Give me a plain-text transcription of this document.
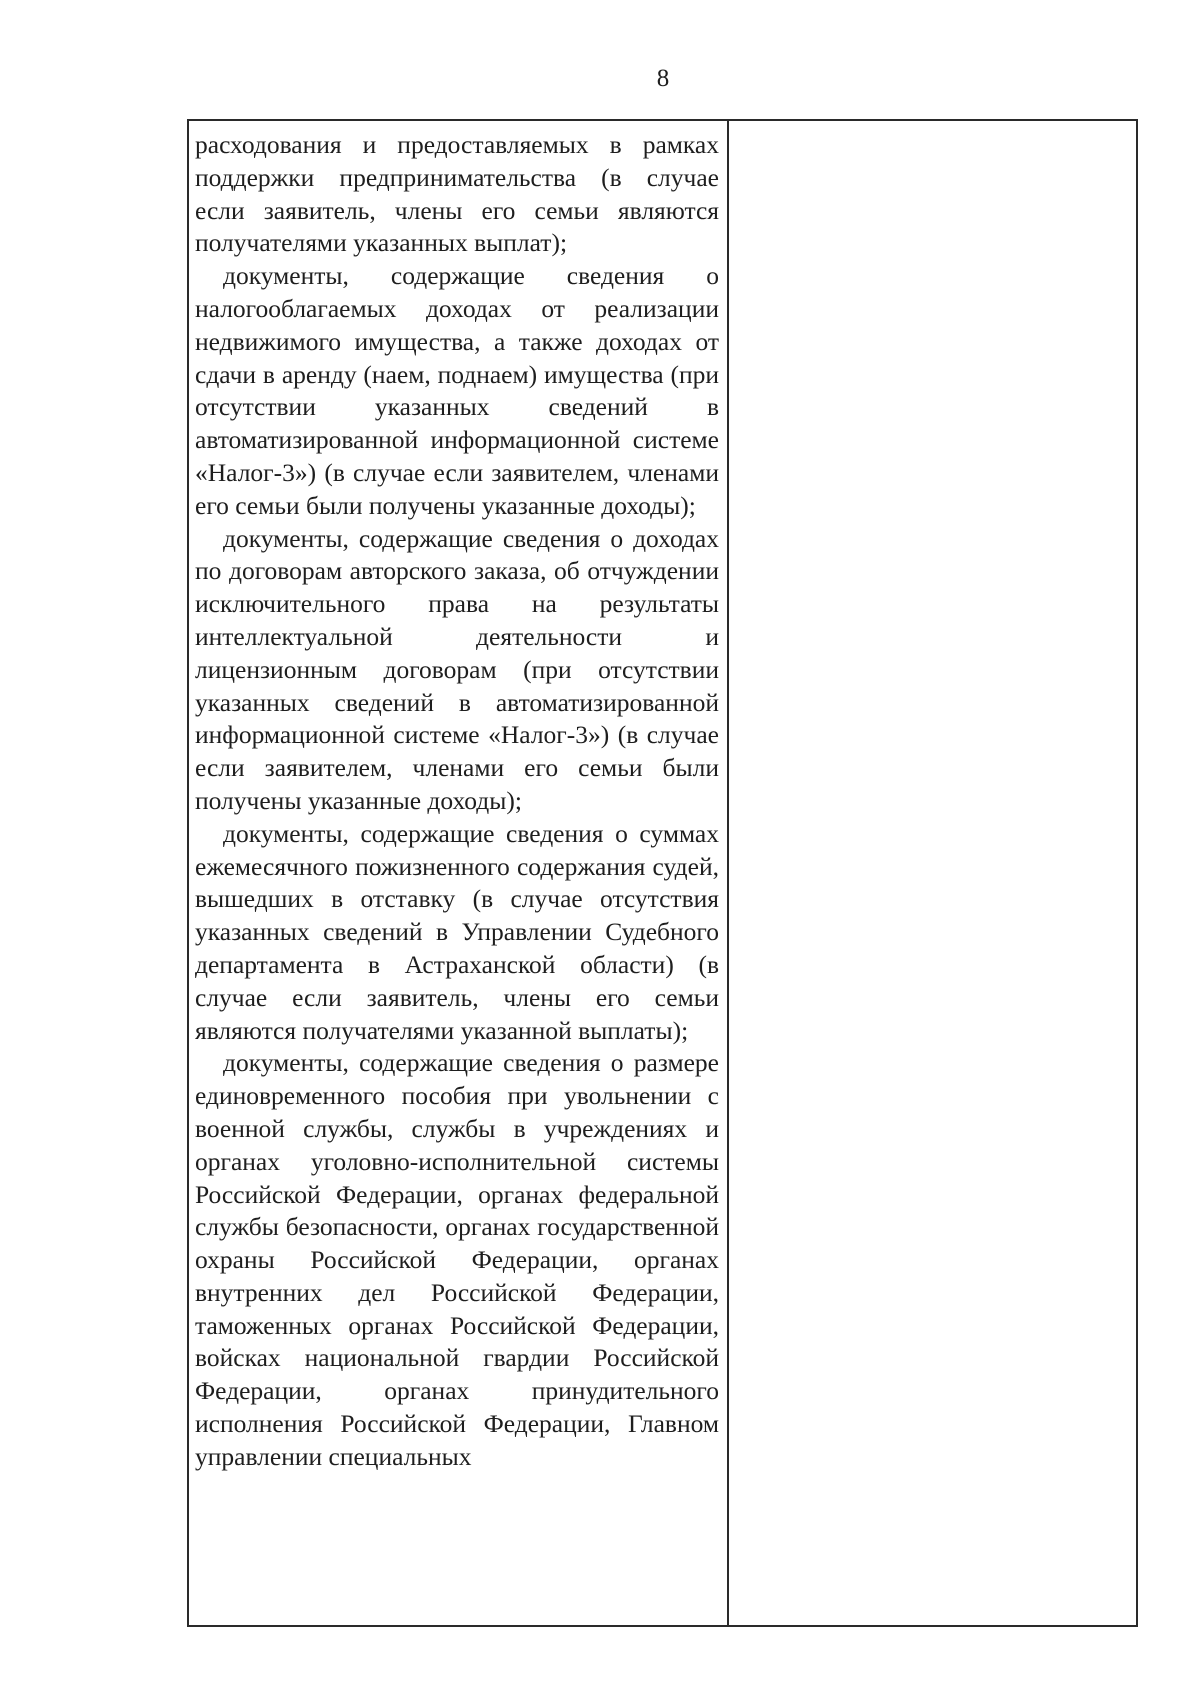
8
расходования и предоставляемых в рамках
поддержки предпринимательства (в случае
если заявитель, члены его семьи являются
получателями указанных выплат);
документы, содержащие сведения о налогооблагаемых доходах от реализации недвижимого имущества, а также доходах от сдачи в аренду (наем, поднаем) имущества (при отсутствии указанных сведений в автоматизированной информационной системе «Налог-3») (в случае если заявителем, членами его семьи были получены указанные доходы);
документы, содержащие сведения о доходах по договорам авторского заказа, об отчуждении исключительного права на результаты интеллектуальной деятельности и лицензионным договорам (при отсутствии указанных сведений в автоматизированной информационной системе «Налог-3») (в случае если заявителем, членами его семьи были получены указанные доходы);
документы, содержащие сведения о суммах ежемесячного пожизненного содержания судей, вышедших в отставку (в случае отсутствия указанных сведений в Управлении Судебного департамента в Астраханской области) (в случае если заявитель, члены его семьи являются получателями указанной выплаты);
документы, содержащие сведения о размере единовременного пособия при увольнении с военной службы, службы в учреждениях и органах уголовно-исполнительной системы Российской Федерации, органах федеральной службы безопасности, органах государственной охраны Российской Федерации, органах внутренних дел Российской Федерации, таможенных органах Российской Федерации, войсках национальной гвардии Российской Федерации, органах принудительного исполнения Российской Федерации, Главном управлении специальных
